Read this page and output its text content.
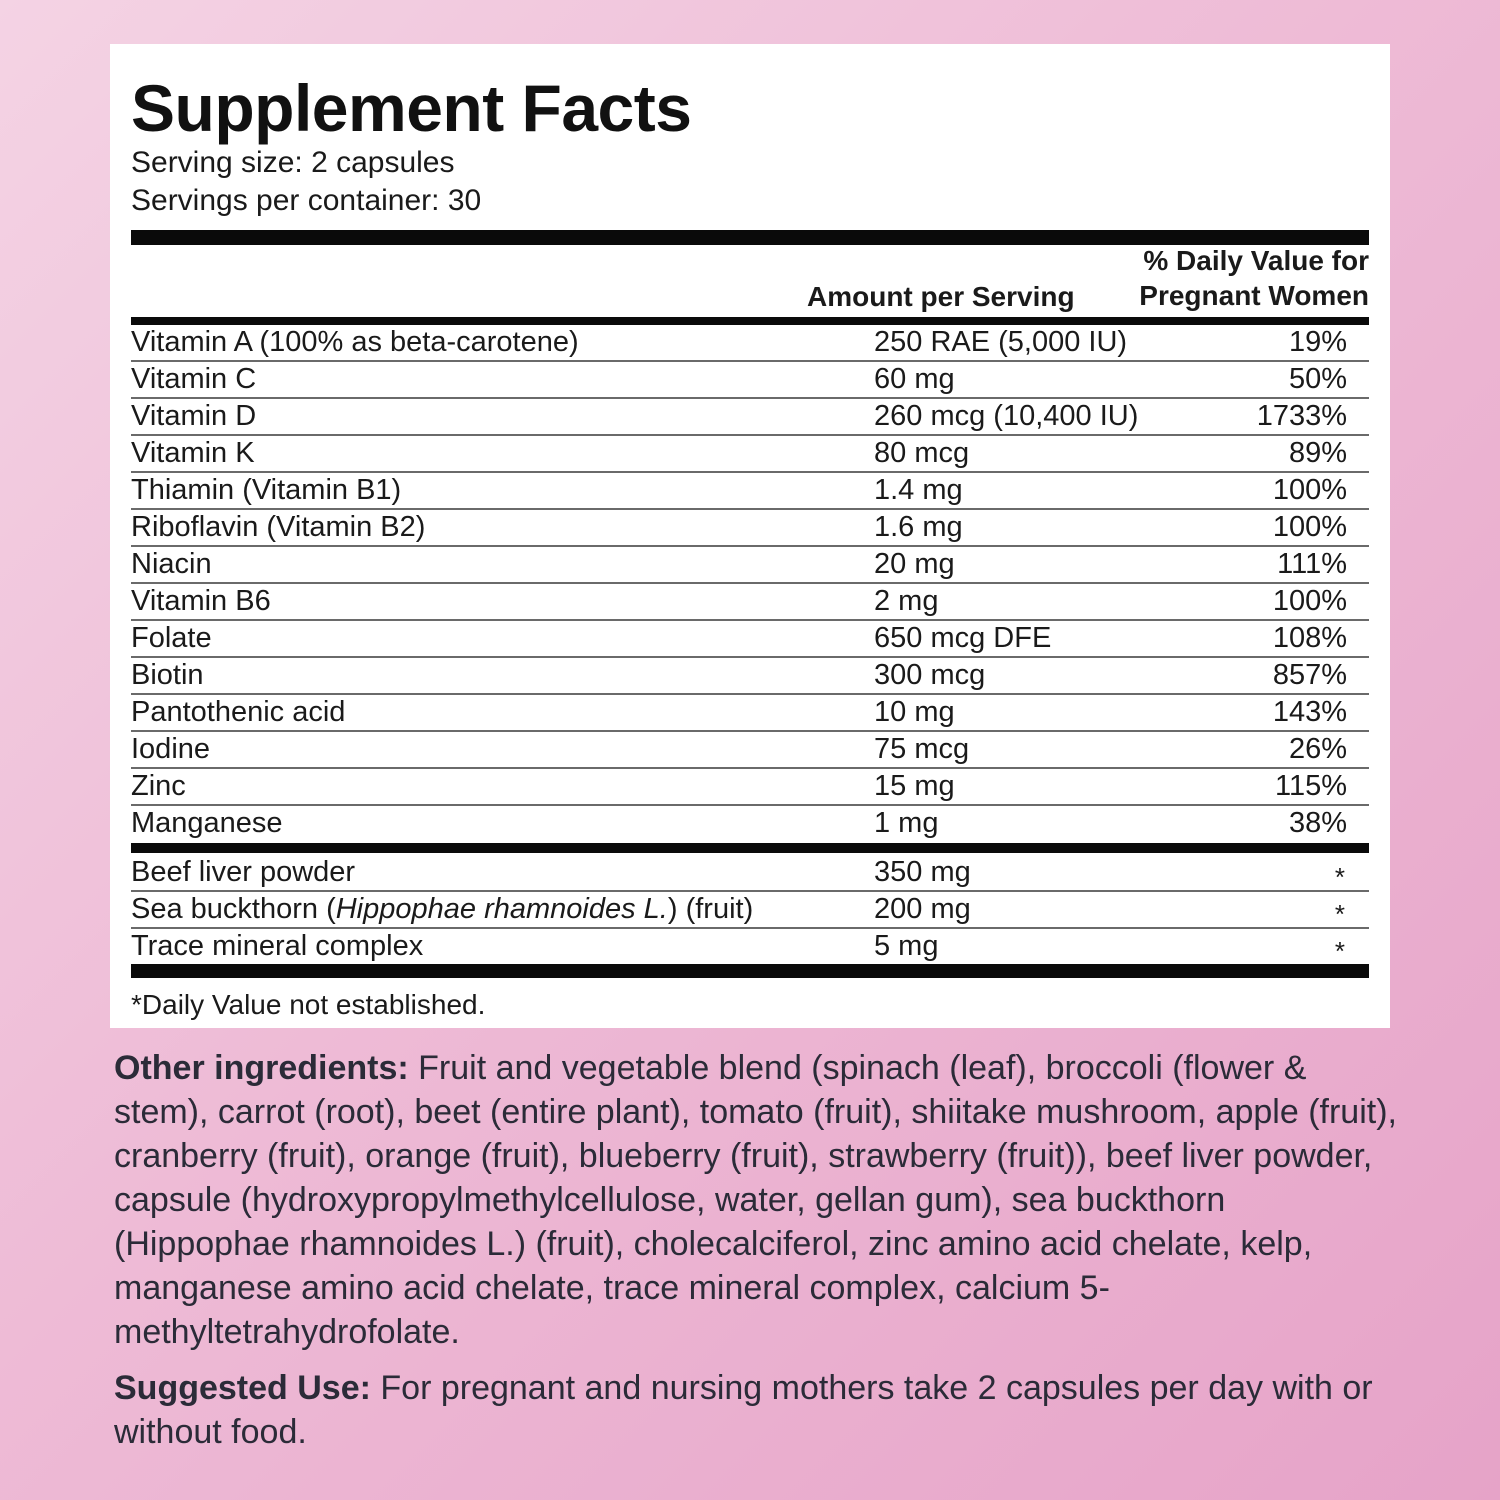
Supplement Facts
Serving size: 2 capsules
Servings per container: 30
Amount per Serving
% Daily Value for
Pregnant Women
Vitamin A (100% as beta-carotene)	250 RAE (5,000 IU)	19%
Vitamin C	60 mg	50%
Vitamin D	260 mcg (10,400 IU)	1733%
Vitamin K	80 mcg	89%
Thiamin (Vitamin B1)	1.4 mg	100%
Riboflavin (Vitamin B2)	1.6 mg	100%
Niacin	20 mg	111%
Vitamin B6	2 mg	100%
Folate	650 mcg DFE	108%
Biotin	300 mcg	857%
Pantothenic acid	10 mg	143%
Iodine	75 mcg	26%
Zinc	15 mg	115%
Manganese	1 mg	38%
Beef liver powder	350 mg	*
Sea buckthorn (Hippophae rhamnoides L.) (fruit)	200 mg	*
Trace mineral complex	5 mg	*
*Daily Value not established.
Other ingredients: Fruit and vegetable blend (spinach (leaf), broccoli (flower & stem), carrot (root), beet (entire plant), tomato (fruit), shiitake mushroom, apple (fruit), cranberry (fruit), orange (fruit), blueberry (fruit), strawberry (fruit)), beef liver powder, capsule (hydroxypropylmethylcellulose, water, gellan gum), sea buckthorn (Hippophae rhamnoides L.) (fruit), cholecalciferol, zinc amino acid chelate, kelp, manganese amino acid chelate, trace mineral complex, calcium 5-methyltetrahydrofolate.
Suggested Use: For pregnant and nursing mothers take 2 capsules per day with or without food.
